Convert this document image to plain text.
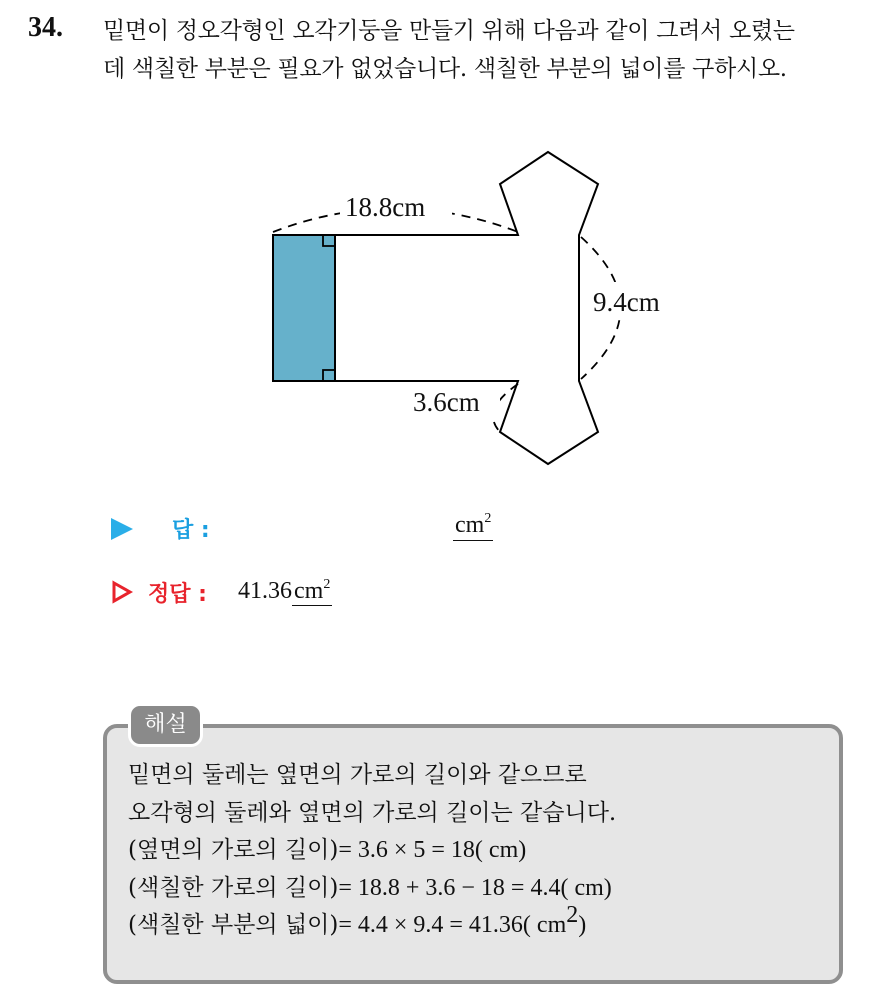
34. 밑면이 정오각형인 오각기둥을 만들기 위해 다음과 같이 그려서 오렸는
데 색칠한 부분은 필요가 없었습니다. 색칠한 부분의 넓이를 구하시오.
18.8cm
9.4cm
3.6cm
답 :	$cm^2$
정답 : $41.36cm^2$
해설
밑면의 둘레는 옆면의 가로의 길이와 같으므로
오각형의 둘레와 옆면의 가로의 길이는 같습니다.
(옆면의 가로의 길이)= 3.6 × 5 = 18( cm)
(색칠한 가로의 길이)= 18.8 + 3.6 − 18 = 4.4( cm)
(색칠한 부분의 넓이)= 4.4 × 9.4 = 41.36( $cm^2$)
